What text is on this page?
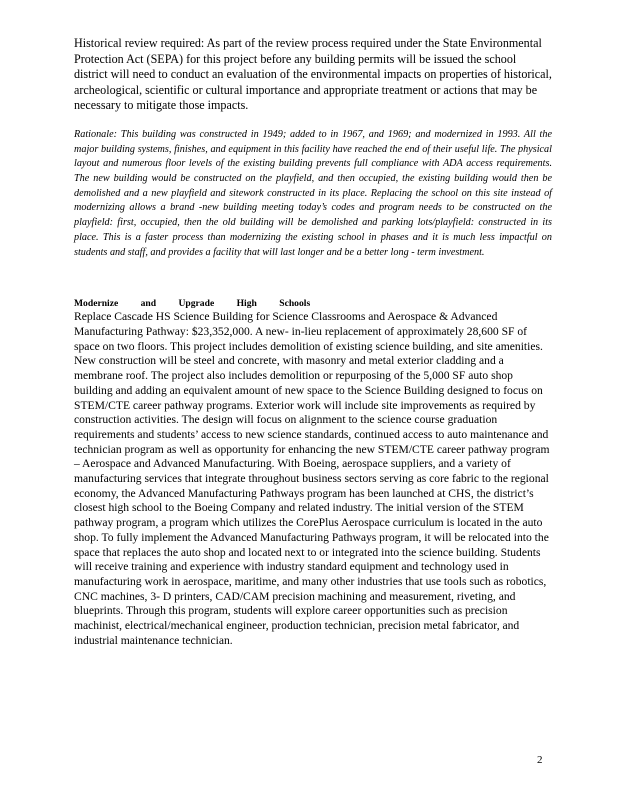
Historical review required: As part of the review process required under the State Environmental Protection Act (SEPA) for this project before any building permits will be issued the school district will need to conduct an evaluation of the environmental impacts on properties of historical, archeological, scientific or cultural importance and appropriate treatment or actions that may be necessary to mitigate those impacts.

Rationale: This building was constructed in 1949; added to in 1967, and 1969; and modernized in 1993. All the major building systems, finishes, and equipment in this facility have reached the end of their useful life. The physical layout and numerous floor levels of the existing building prevents full compliance with ADA access requirements. The new building would be constructed on the playfield, and then occupied, the existing building would then be demolished and a new playfield and sitework constructed in its place. Replacing the school on this site instead of modernizing allows a brand -new building meeting today’s codes and program needs to be constructed on the playfield: first, occupied, then the old building will be demolished and parking lots/playfield: constructed in its place. This is a faster process than modernizing the existing school in phases and it is much less impactful on students and staff, and provides a facility that will last longer and be a better long - term investment.

Modernize and Upgrade High Schools

Replace Cascade HS Science Building for Science Classrooms and Aerospace & Advanced Manufacturing Pathway: $23,352,000. A new- in-lieu replacement of approximately 28,600 SF of space on two floors. This project includes demolition of existing science building, and site amenities. New construction will be steel and concrete, with masonry and metal exterior cladding and a membrane roof. The project also includes demolition or repurposing of the 5,000 SF auto shop building and adding an equivalent amount of new space to the Science Building designed to focus on STEM/CTE career pathway programs. Exterior work will include site improvements as required by construction activities. The design will focus on alignment to the science course graduation requirements and students’ access to new science standards, continued access to auto maintenance and technician program as well as opportunity for enhancing the new STEM/CTE career pathway program – Aerospace and Advanced Manufacturing. With Boeing, aerospace suppliers, and a variety of manufacturing services that integrate throughout business sectors serving as core fabric to the regional economy, the Advanced Manufacturing Pathways program has been launched at CHS, the district’s closest high school to the Boeing Company and related industry. The initial version of the STEM pathway program, a program which utilizes the CorePlus Aerospace curriculum is located in the auto shop. To fully implement the Advanced Manufacturing Pathways program, it will be relocated into the space that replaces the auto shop and located next to or integrated into the science building. Students will receive training and experience with industry standard equipment and technology used in manufacturing work in aerospace, maritime, and many other industries that use tools such as robotics, CNC machines, 3- D printers, CAD/CAM precision machining and measurement, riveting, and blueprints. Through this program, students will explore career opportunities such as precision machinist, electrical/mechanical engineer, production technician, precision metal fabricator, and industrial maintenance technician.

2
